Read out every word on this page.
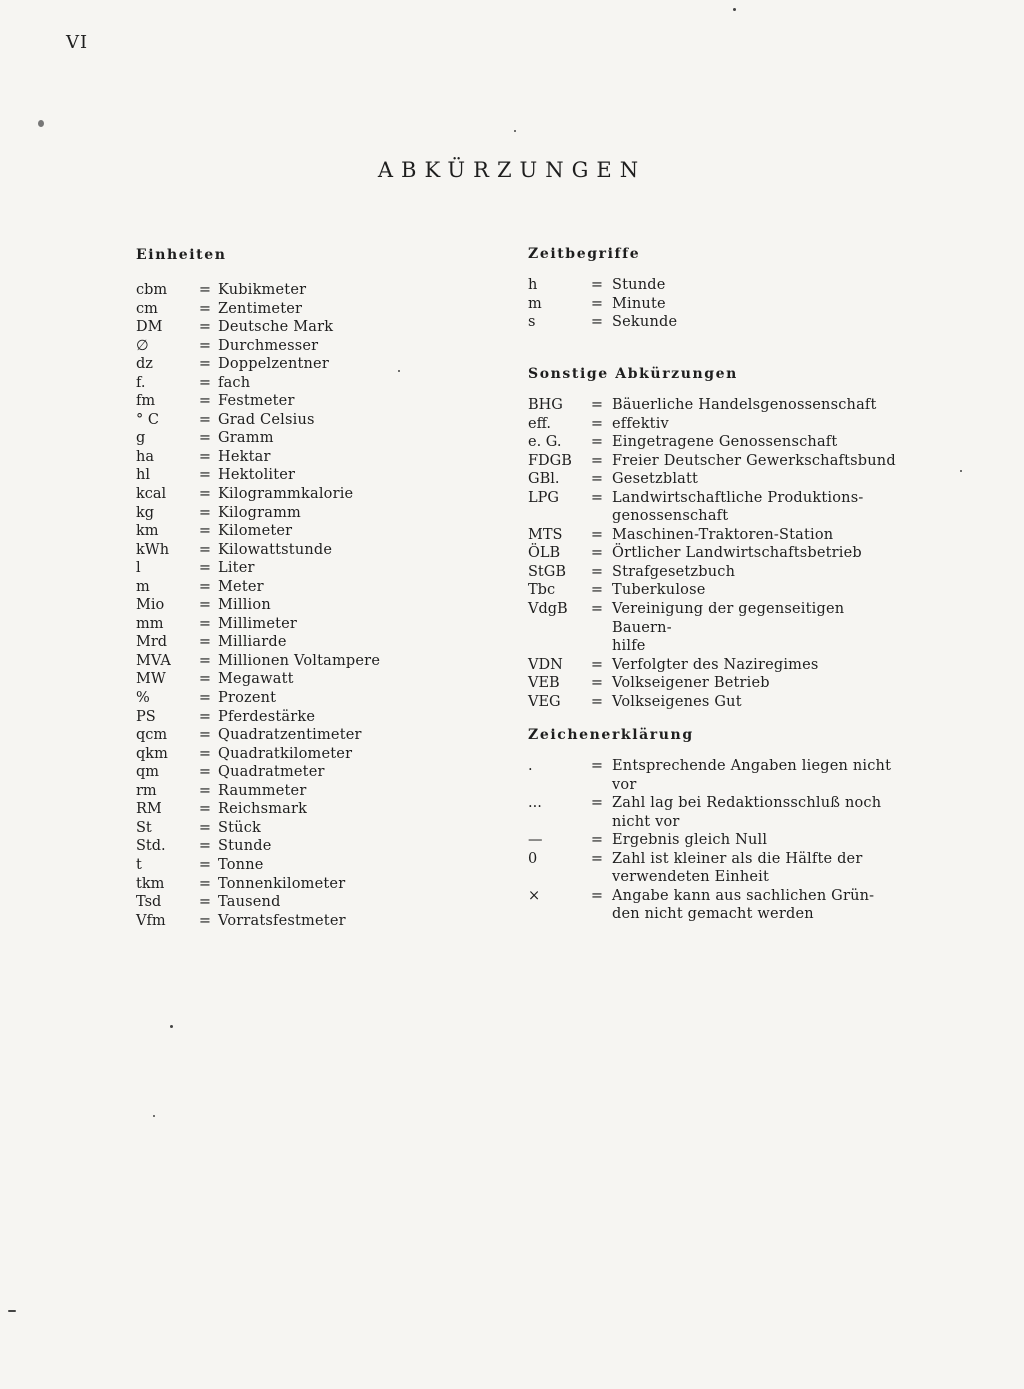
VI
ABKÜRZUNGEN
Einheiten
cbm	= Kubikmeter
cm	= Zentimeter
DM	= Deutsche Mark
∅	= Durchmesser
dz	= Doppelzentner
f.	= fach
fm	= Festmeter
° C	= Grad Celsius
g	= Gramm
ha	= Hektar
hl	= Hektoliter
kcal	= Kilogrammkalorie
kg	= Kilogramm
km	= Kilometer
kWh	= Kilowattstunde
l	= Liter
m	= Meter
Mio	= Million
mm	= Millimeter
Mrd	= Milliarde
MVA	= Millionen Voltampere
MW	= Megawatt
%	= Prozent
PS	= Pferdestärke
qcm	= Quadratzentimeter
qkm	= Quadratkilometer
qm	= Quadratmeter
rm	= Raummeter
RM	= Reichsmark
St	= Stück
Std.	= Stunde
t	= Tonne
tkm	= Tonnenkilometer
Tsd	= Tausend
Vfm	= Vorratsfestmeter
Zeitbegriffe
h	= Stunde
m	= Minute
s	= Sekunde
Sonstige Abkürzungen
BHG	= Bäuerliche Handelsgenossenschaft
eff.	= effektiv
e. G.	= Eingetragene Genossenschaft
FDGB	= Freier Deutscher Gewerkschaftsbund
GBl.	= Gesetzblatt
LPG	= Landwirtschaftliche Produktions-
genossenschaft
MTS	= Maschinen-Traktoren-Station
ÖLB	= Örtlicher Landwirtschaftsbetrieb
StGB	= Strafgesetzbuch
Tbc	= Tuberkulose
VdgB	= Vereinigung der gegenseitigen Bauern-
hilfe
VDN	= Verfolgter des Naziregimes
VEB	= Volkseigener Betrieb
VEG	= Volkseigenes Gut
Zeichenerklärung
.	= Entsprechende Angaben liegen nicht
vor
...	= Zahl lag bei Redaktionsschluß noch
nicht vor
—	= Ergebnis gleich Null
0	= Zahl ist kleiner als die Hälfte der
verwendeten Einheit
×	= Angabe kann aus sachlichen Grün-
den nicht gemacht werden
